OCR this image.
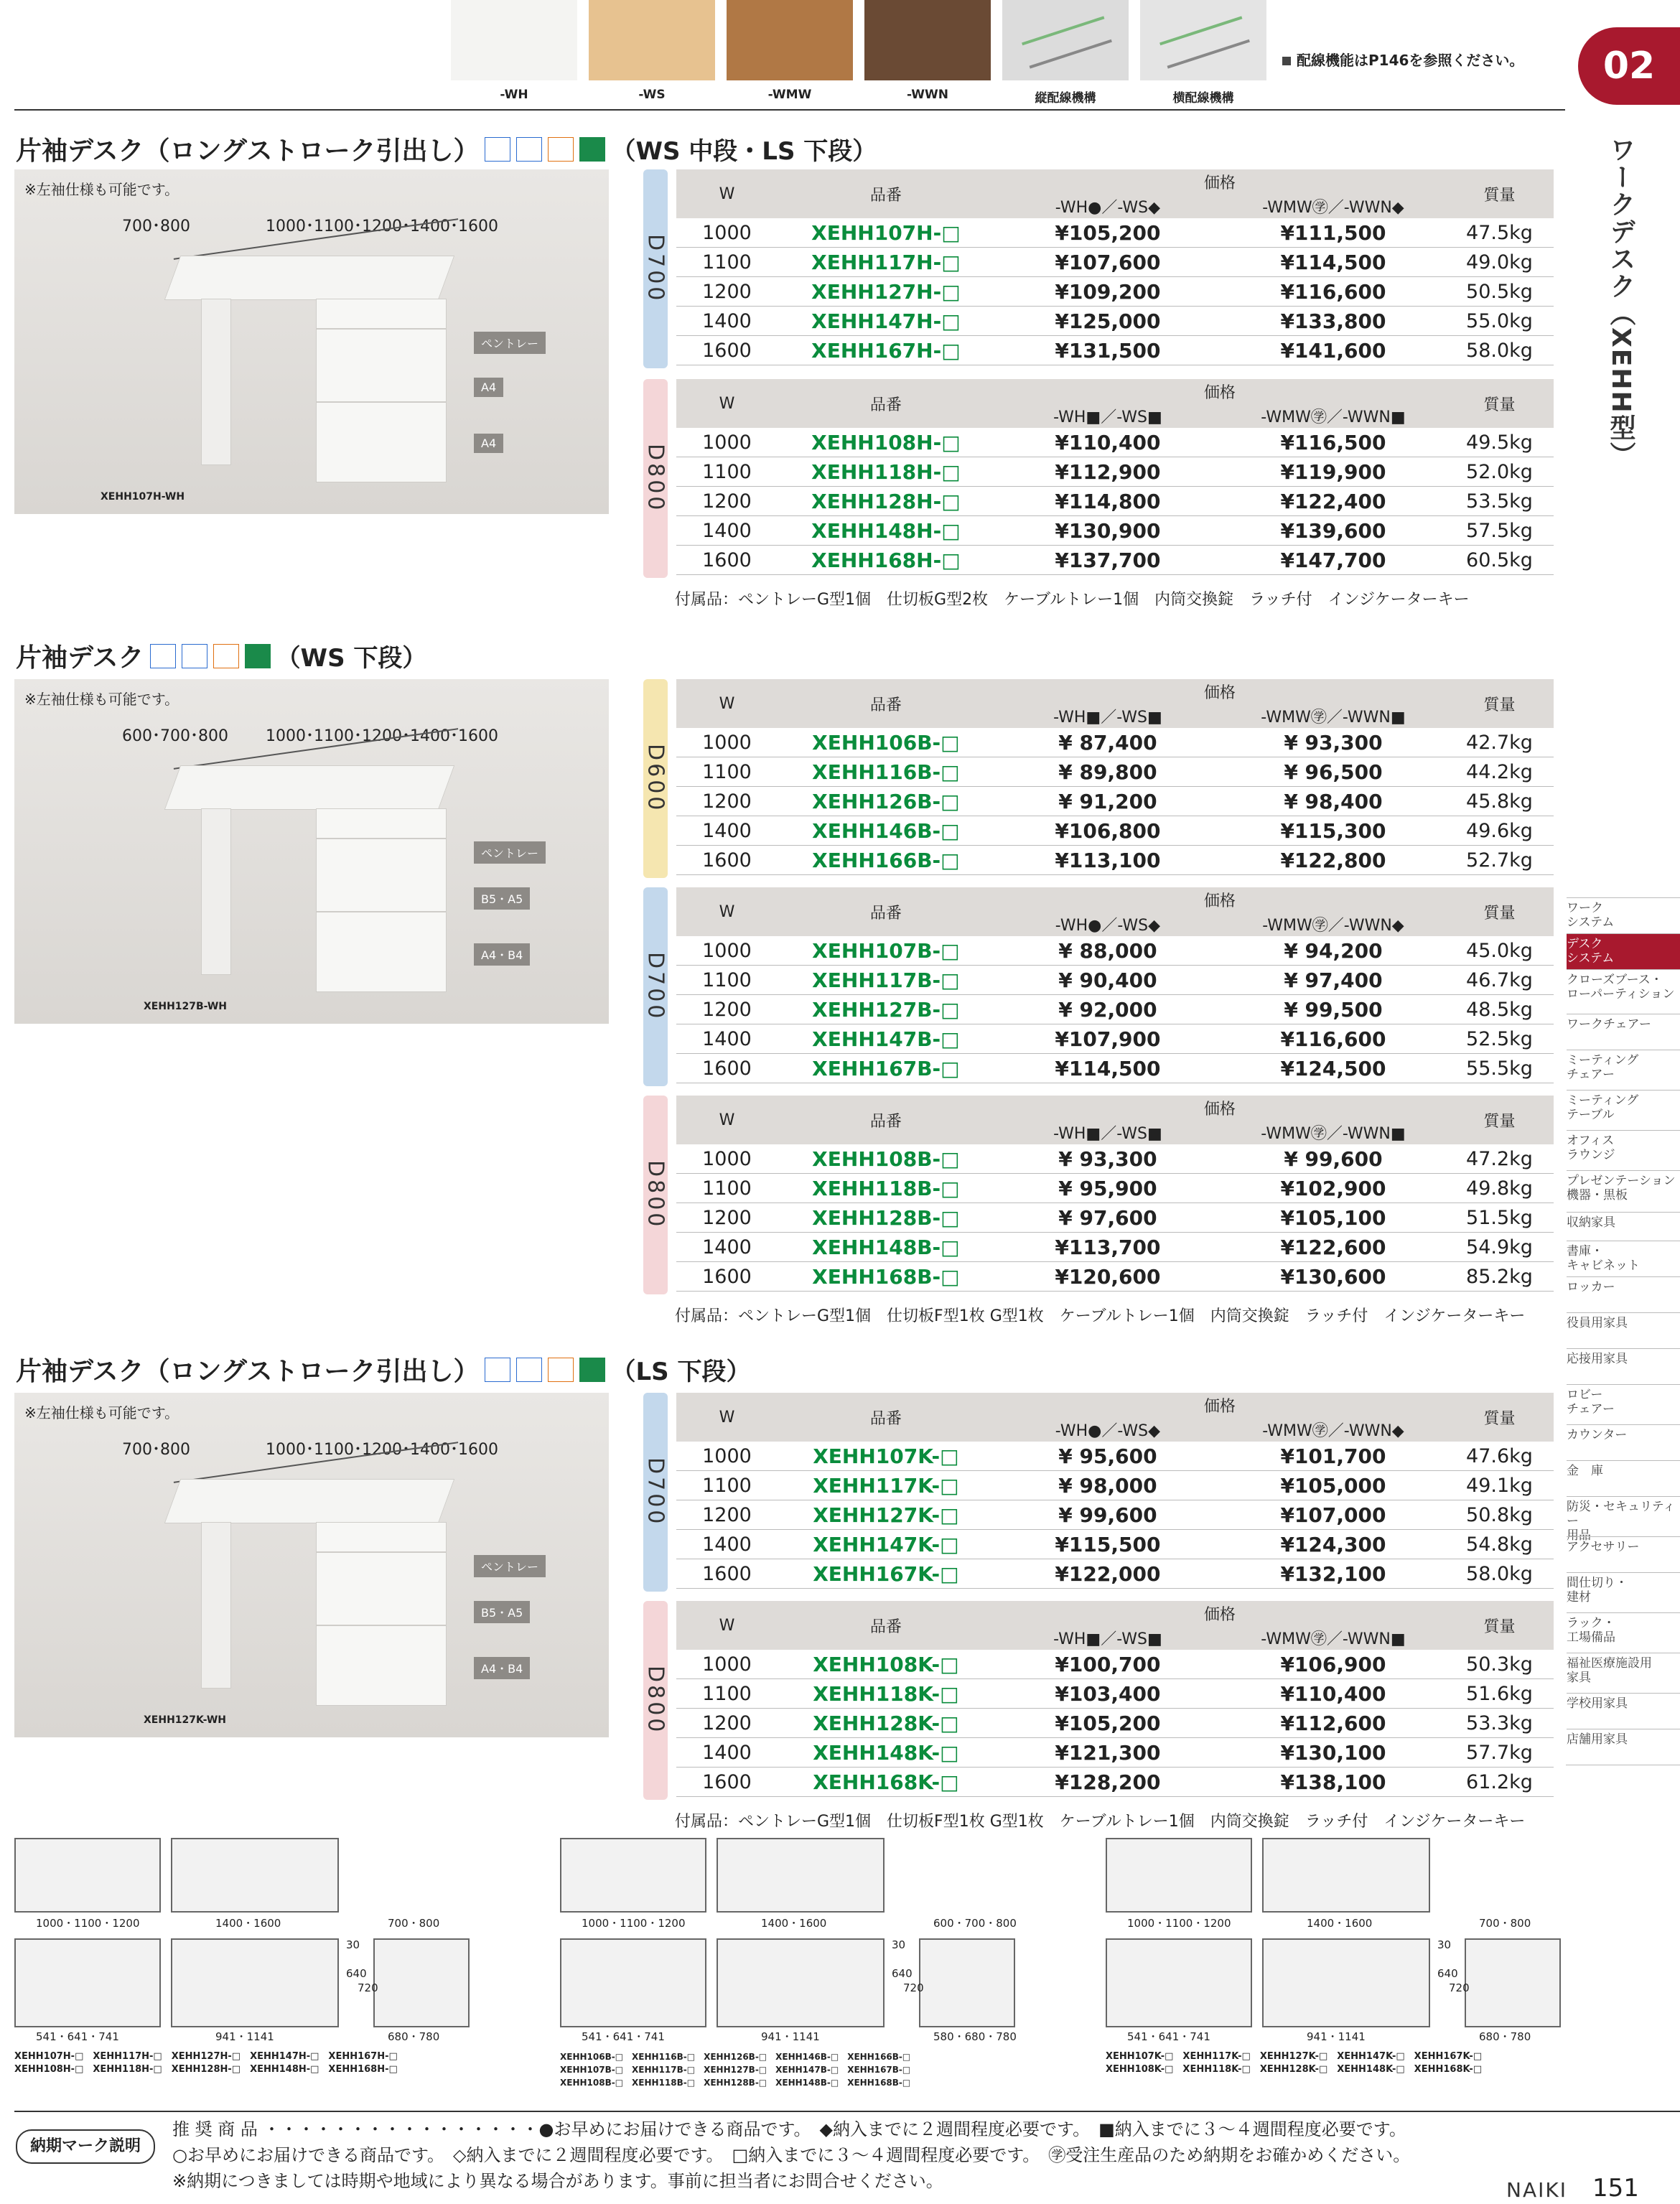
-WH	-WS	-WMW	-WWN	縦配線機構	横配線機構
配線機能はP146を参照ください。	02
ワークデスク（XEHH型）
片袖デスク（ロングストローク引出し）	（WS 中段・LS 下段）
※左袖仕様も可能です。
700･800	1000･1100･1200･1400･1600
ペントレー
A4
A4
XEHH107H-WH
D700
W	品番	価格		質量
		-WH●／-WS◆	-WMW㊫／-WWN◆	
1000	XEHH107H-□	¥105,200	¥111,500	47.5kg
1100	XEHH117H-□	¥107,600	¥114,500	49.0kg
1200	XEHH127H-□	¥109,200	¥116,600	50.5kg
1400	XEHH147H-□	¥125,000	¥133,800	55.0kg
1600	XEHH167H-□	¥131,500	¥141,600	58.0kg
D800
W	品番	価格		質量
		-WH■／-WS■	-WMW㊫／-WWN■	
1000	XEHH108H-□	¥110,400	¥116,500	49.5kg
1100	XEHH118H-□	¥112,900	¥119,900	52.0kg
1200	XEHH128H-□	¥114,800	¥122,400	53.5kg
1400	XEHH148H-□	¥130,900	¥139,600	57.5kg
1600	XEHH168H-□	¥137,700	¥147,700	60.5kg
付属品：ペントレーG型1個　仕切板G型2枚　ケーブルトレー1個　内筒交換錠　ラッチ付　インジケーターキー
片袖デスク	（WS 下段）
※左袖仕様も可能です。
600･700･800 1000･1100･1200･1400･1600
ペントレー
B5・A5
A4・B4
XEHH127B-WH
D600
W	品番	価格		質量
		-WH■／-WS■	-WMW㊫／-WWN■	
1000	XEHH106B-□	¥ 87,400	¥ 93,300	42.7kg
1100	XEHH116B-□	¥ 89,800	¥ 96,500	44.2kg
1200	XEHH126B-□	¥ 91,200	¥ 98,400	45.8kg
1400	XEHH146B-□	¥106,800	¥115,300	49.6kg
1600	XEHH166B-□	¥113,100	¥122,800	52.7kg
D700
W	品番	価格		質量
		-WH●／-WS◆	-WMW㊫／-WWN◆	
1000	XEHH107B-□	¥ 88,000	¥ 94,200	45.0kg
1100	XEHH117B-□	¥ 90,400	¥ 97,400	46.7kg
1200	XEHH127B-□	¥ 92,000	¥ 99,500	48.5kg
1400	XEHH147B-□	¥107,900	¥116,600	52.5kg
1600	XEHH167B-□	¥114,500	¥124,500	55.5kg
D800
W	品番	価格		質量
		-WH■／-WS■	-WMW㊫／-WWN■	
1000	XEHH108B-□	¥ 93,300	¥ 99,600	47.2kg
1100	XEHH118B-□	¥ 95,900	¥102,900	49.8kg
1200	XEHH128B-□	¥ 97,600	¥105,100	51.5kg
1400	XEHH148B-□	¥113,700	¥122,600	54.9kg
1600	XEHH168B-□	¥120,600	¥130,600	85.2kg
付属品：ペントレーG型1個　仕切板F型1枚 G型1枚　ケーブルトレー1個　内筒交換錠　ラッチ付　インジケーターキー
片袖デスク（ロングストローク引出し）	（LS 下段）
※左袖仕様も可能です。
700･800	1000･1100･1200･1400･1600
ペントレー
B5・A5
A4・B4
XEHH127K-WH
D700
W	品番	価格		質量
		-WH●／-WS◆	-WMW㊫／-WWN◆	
1000	XEHH107K-□	¥ 95,600	¥101,700	47.6kg
1100	XEHH117K-□	¥ 98,000	¥105,000	49.1kg
1200	XEHH127K-□	¥ 99,600	¥107,000	50.8kg
1400	XEHH147K-□	¥115,500	¥124,300	54.8kg
1600	XEHH167K-□	¥122,000	¥132,100	58.0kg
D800
W	品番	価格		質量
		-WH■／-WS■	-WMW㊫／-WWN■	
1000	XEHH108K-□	¥100,700	¥106,900	50.3kg
1100	XEHH118K-□	¥103,400	¥110,400	51.6kg
1200	XEHH128K-□	¥105,200	¥112,600	53.3kg
1400	XEHH148K-□	¥121,300	¥130,100	57.7kg
1600	XEHH168K-□	¥128,200	¥138,100	61.2kg
付属品：ペントレーG型1個　仕切板F型1枚 G型1枚　ケーブルトレー1個　内筒交換錠　ラッチ付　インジケーターキー
ワーク
システム
デスク
システム
クローズブース・
ローパーティション
ワークチェアー
ミーティング
チェアー
ミーティング
テーブル
オフィス
ラウンジ
プレゼンテーション
機器・黒板
収納家具
書庫・
キャビネット
ロッカー
役員用家具
応接用家具
ロビー
チェアー
カウンター
金　庫
防災・セキュリティー
用品
アクセサリー
間仕切り・
建材
ラック・
工場備品
福祉医療施設用
家具
学校用家具
店舗用家具
1000・1100・1200	1400・1600	700・800
30
640
720
541・641・741	941・1141	680・780
XEHH107H-□　XEHH117H-□　XEHH127H-□　XEHH147H-□　XEHH167H-□
XEHH108H-□　XEHH118H-□　XEHH128H-□　XEHH148H-□　XEHH168H-□
1000・1100・1200	1400・1600	600・700・800
30
640
720
541・641・741	941・1141	580・680・780
XEHH106B-□　XEHH116B-□　XEHH126B-□　XEHH146B-□　XEHH166B-□
XEHH107B-□　XEHH117B-□　XEHH127B-□　XEHH147B-□　XEHH167B-□
XEHH108B-□　XEHH118B-□　XEHH128B-□　XEHH148B-□　XEHH168B-□
1000・1100・1200	1400・1600	700・800
30
640
720
541・641・741	941・1141	680・780
XEHH107K-□　XEHH117K-□　XEHH127K-□　XEHH147K-□　XEHH167K-□
XEHH108K-□　XEHH118K-□　XEHH128K-□　XEHH148K-□　XEHH168K-□
納期マーク説明
推 奨 商 品 ・・・・・・・・・・・・・・・・●お早めにお届けできる商品です。　◆納入までに２週間程度必要です。　■納入までに３～４週間程度必要です。
○お早めにお届けできる商品です。　◇納入までに２週間程度必要です。　□納入までに３～４週間程度必要です。　㊫受注生産品のため納期をお確かめください。
※納期につきましては時期や地域により異なる場合があります。事前に担当者にお問合せください。	NAIKI 151
